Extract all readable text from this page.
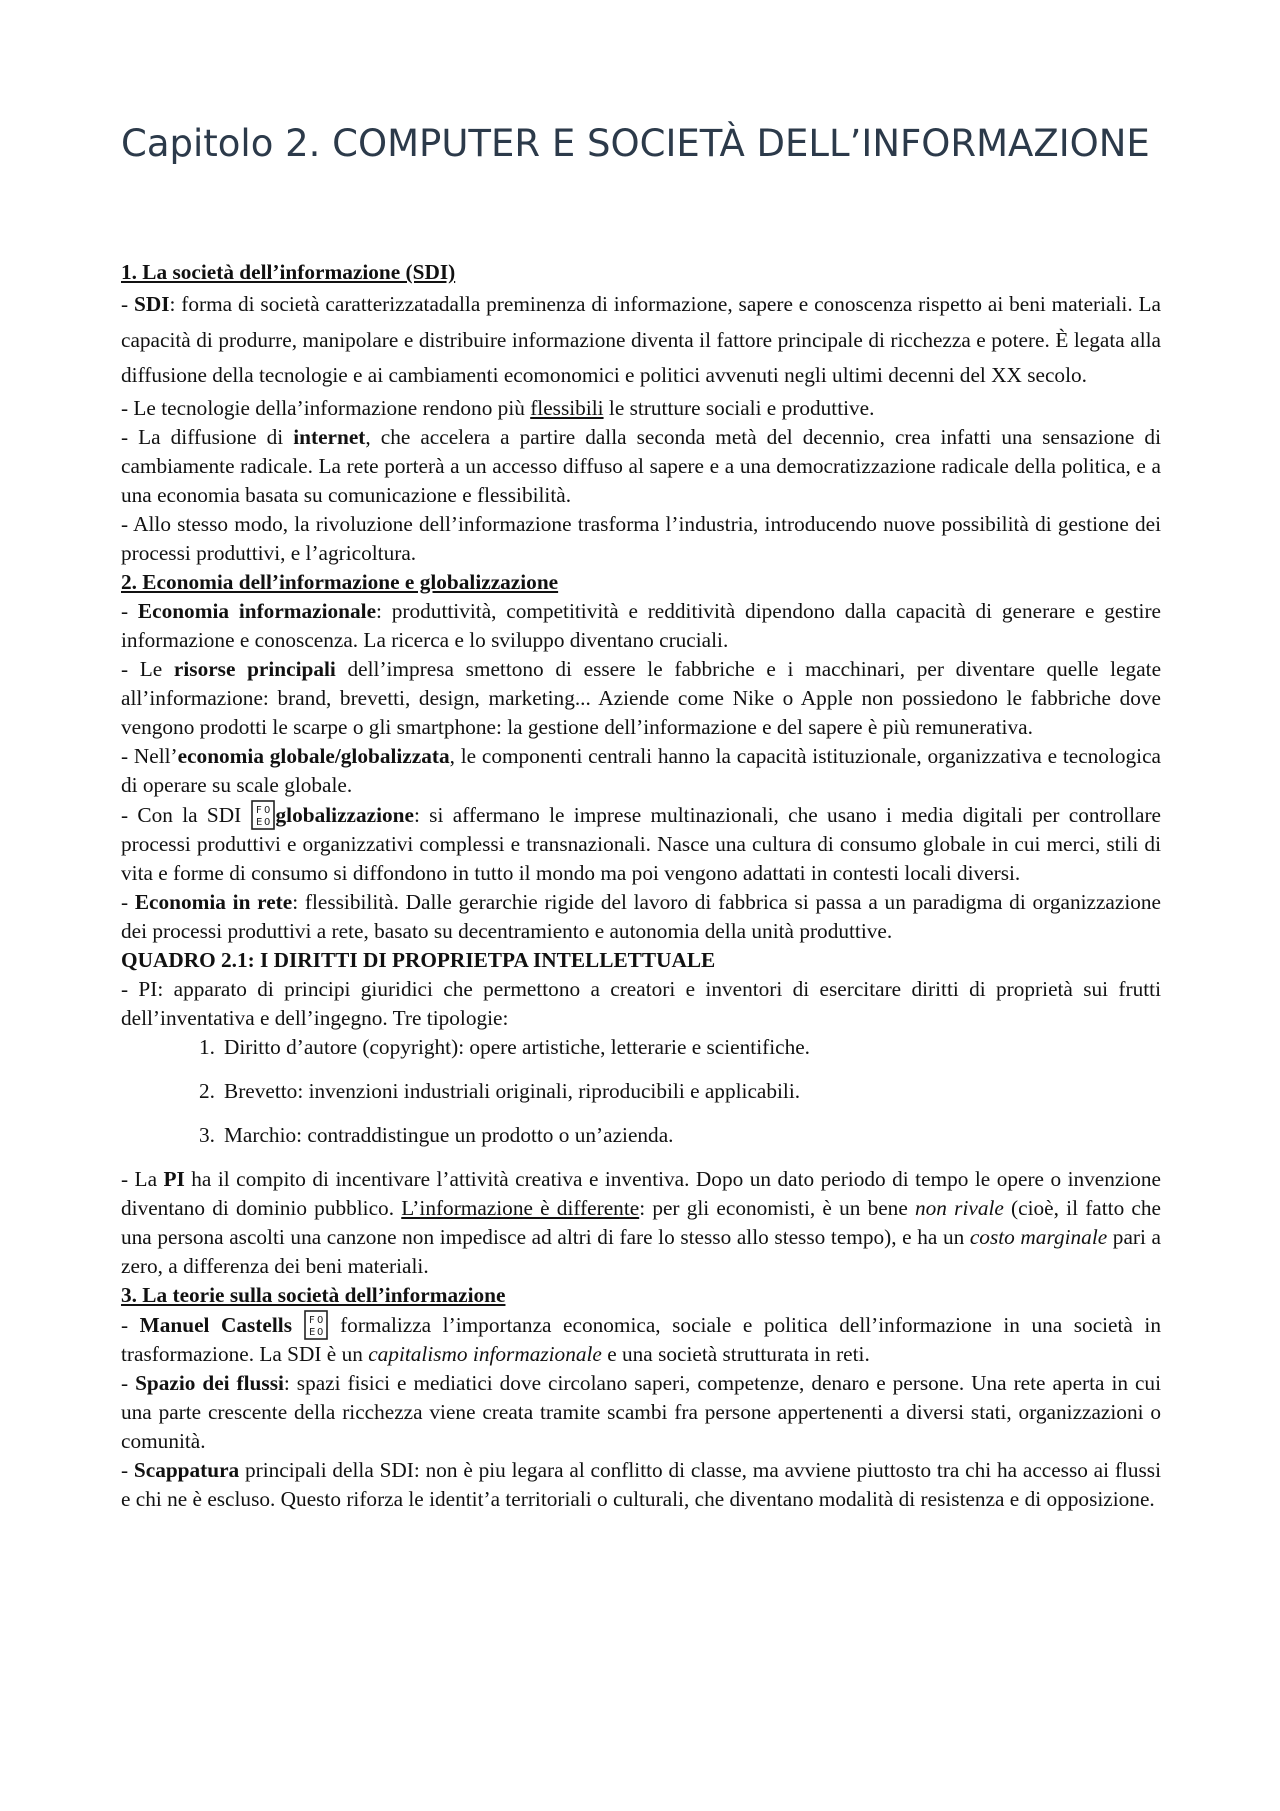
Capitolo 2. COMPUTER E SOCIETÀ DELL’INFORMAZIONE

1. La società dell’informazione (SDI)

- SDI: forma di società caratterizzatadalla preminenza di informazione, sapere e conoscenza rispetto ai beni materiali. La capacità di produrre, manipolare e distribuire informazione diventa il fattore principale di ricchezza e potere. È legata alla diffusione della tecnologie e ai cambiamenti ecomonomici e politici avvenuti negli ultimi decenni del XX secolo.

- Le tecnologie della’informazione rendono più flessibili le strutture sociali e produttive.

- La diffusione di internet, che accelera a partire dalla seconda metà del decennio, crea infatti una sensazione di cambiamente radicale. La rete porterà a un accesso diffuso al sapere e a una democratizzazione radicale della politica, e a una economia basata su comunicazione e flessibilità.

- Allo stesso modo, la rivoluzione dell’informazione trasforma l’industria, introducendo nuove possibilità di gestione dei processi produttivi, e l’agricoltura.

2. Economia dell’informazione e globalizzazione

- Economia informazionale: produttività, competitività e redditività dipendono dalla capacità di generare e gestire informazione e conoscenza. La ricerca e lo sviluppo diventano cruciali.

- Le risorse principali dell’impresa smettono di essere le fabbriche e i macchinari, per diventare quelle legate all’informazione: brand, brevetti, design, marketing... Aziende come Nike o Apple non possiedono le fabbriche dove vengono prodotti le scarpe o gli smartphone: la gestione dell’informazione e del sapere è più remunerativa.

- Nell’economia globale/globalizzata, le componenti centrali hanno la capacità istituzionale, organizzativa e tecnologica di operare su scale globale.

- Con la SDI F 0
E 0 globalizzazione: si affermano le imprese multinazionali, che usano i media digitali per controllare processi produttivi e organizzativi complessi e transnazionali. Nasce una cultura di consumo globale in cui merci, stili di vita e forme di consumo si diffondono in tutto il mondo ma poi vengono adattati in contesti locali diversi.

- Economia in rete: flessibilità. Dalle gerarchie rigide del lavoro di fabbrica si passa a un paradigma di organizzazione dei processi produttivi a rete, basato su decentramiento e autonomia della unità produttive.

QUADRO 2.1: I DIRITTI DI PROPRIETPA INTELLETTUALE

- PI: apparato di principi giuridici che permettono a creatori e inventori di esercitare diritti di proprietà sui frutti dell’inventativa e dell’ingegno. Tre tipologie:

1. Diritto d’autore (copyright): opere artistiche, letterarie e scientifiche.
2. Brevetto: invenzioni industriali originali, riproducibili e applicabili.
3. Marchio: contraddistingue un prodotto o un’azienda.

- La PI ha il compito di incentivare l’attività creativa e inventiva. Dopo un dato periodo di tempo le opere o invenzione diventano di dominio pubblico. L’informazione è differente: per gli economisti, è un bene non rivale (cioè, il fatto che una persona ascolti una canzone non impedisce ad altri di fare lo stesso allo stesso tempo), e ha un costo marginale pari a zero, a differenza dei beni materiali.

3. La teorie sulla società dell’informazione

- Manuel Castells F 0
E 0 formalizza l’importanza economica, sociale e politica dell’informazione in una società in trasformazione. La SDI è un capitalismo informazionale e una società strutturata in reti.

- Spazio dei flussi: spazi fisici e mediatici dove circolano saperi, competenze, denaro e persone. Una rete aperta in cui una parte crescente della ricchezza viene creata tramite scambi fra persone appertenenti a diversi stati, organizzazioni o comunità.

- Scappatura principali della SDI: non è piu legara al conflitto di classe, ma avviene piuttosto tra chi ha accesso ai flussi e chi ne è escluso. Questo riforza le identit’a territoriali o culturali, che diventano modalità di resistenza e di opposizione.
